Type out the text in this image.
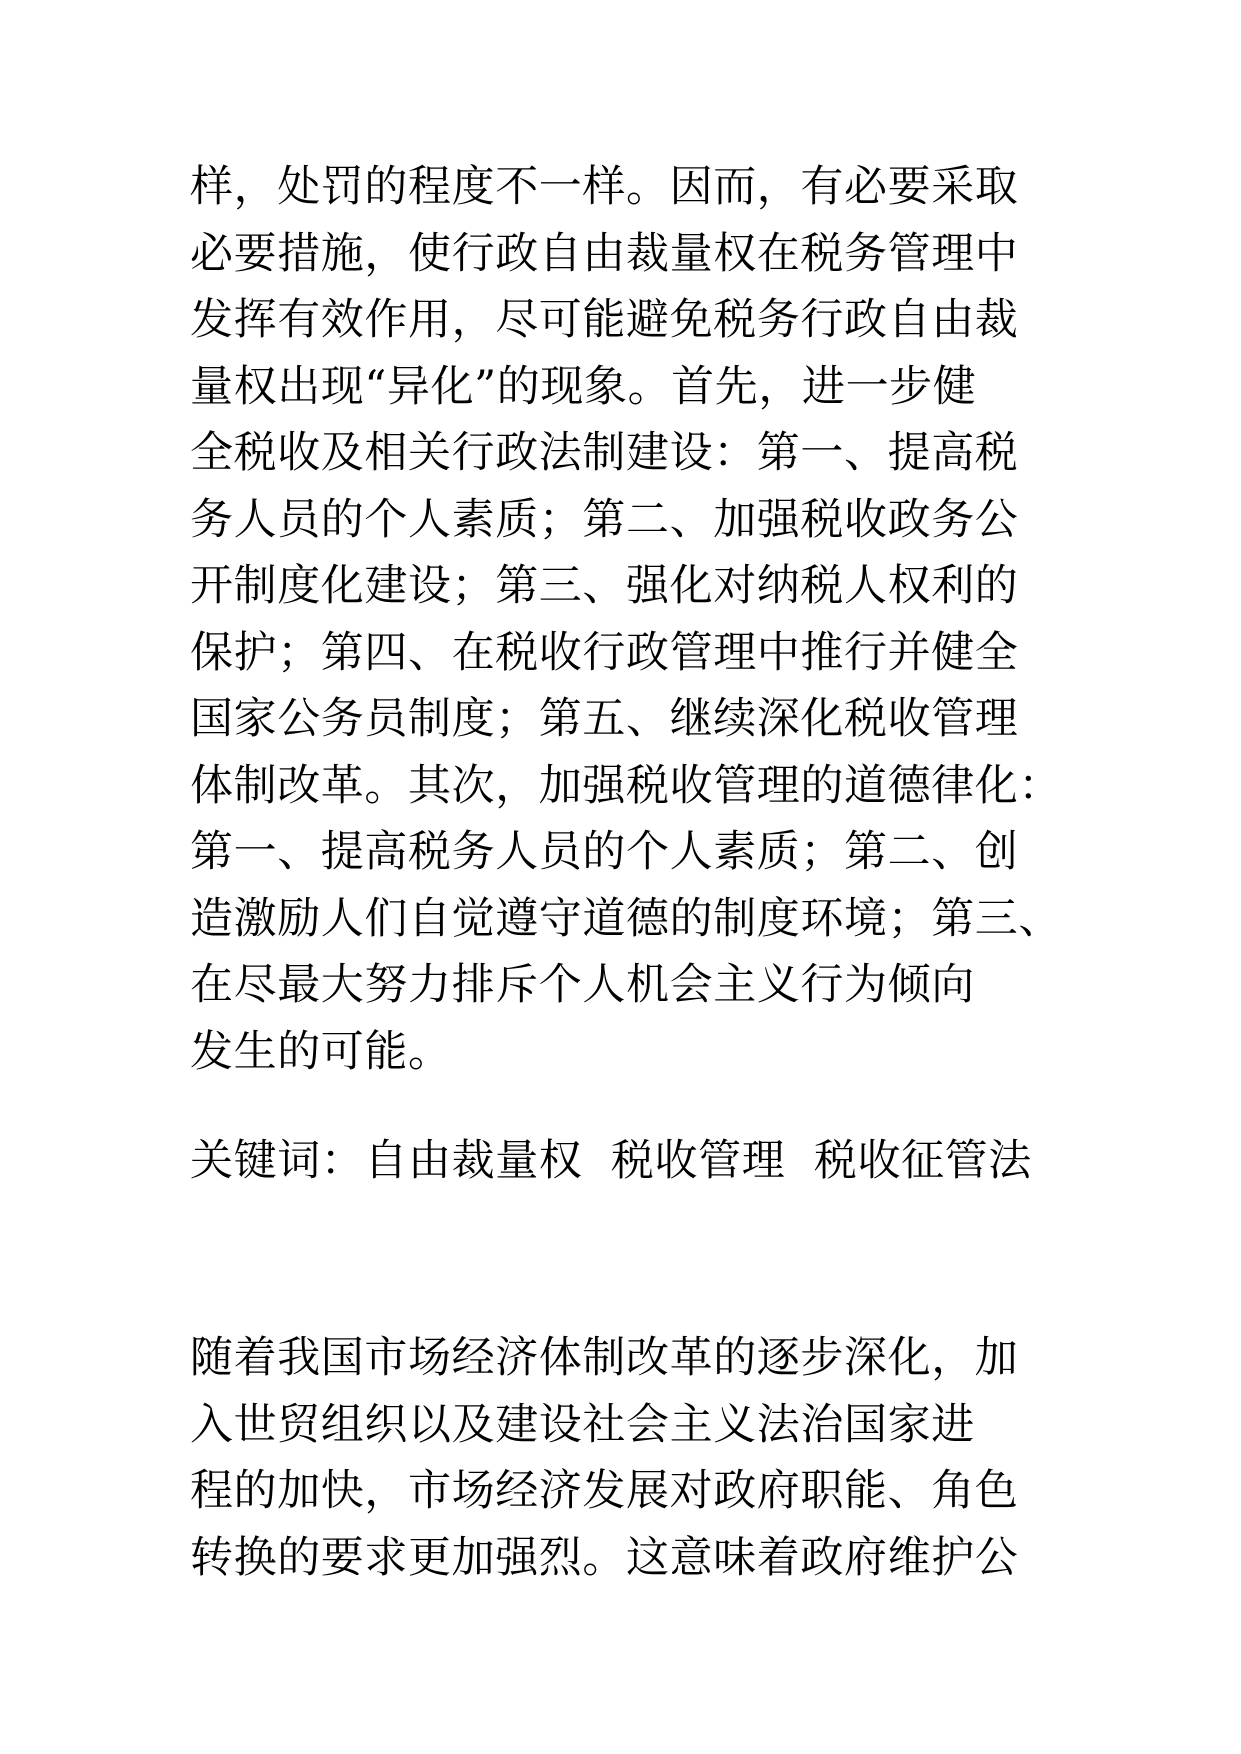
样，处罚的程度不一样。因而，有必要采取
必要措施，使行政自由裁量权在税务管理中
发挥有效作用，尽可能避免税务行政自由裁
量权出现“异化”的现象。首先，进一步健
全税收及相关行政法制建设：第一、提高税
务人员的个人素质；第二、加强税收政务公
开制度化建设；第三、强化对纳税人权利的
保护；第四、在税收行政管理中推行并健全
国家公务员制度；第五、继续深化税收管理
体制改革。其次，加强税收管理的道德律化：
第一、提高税务人员的个人素质；第二、创
造激励人们自觉遵守道德的制度环境；第三、
在尽最大努力排斥个人机会主义行为倾向
发生的可能。
关键词：自由裁量权  税收管理  税收征管法
随着我国市场经济体制改革的逐步深化，加
入世贸组织以及建设社会主义法治国家进
程的加快，市场经济发展对政府职能、角色
转换的要求更加强烈。这意味着政府维护公
